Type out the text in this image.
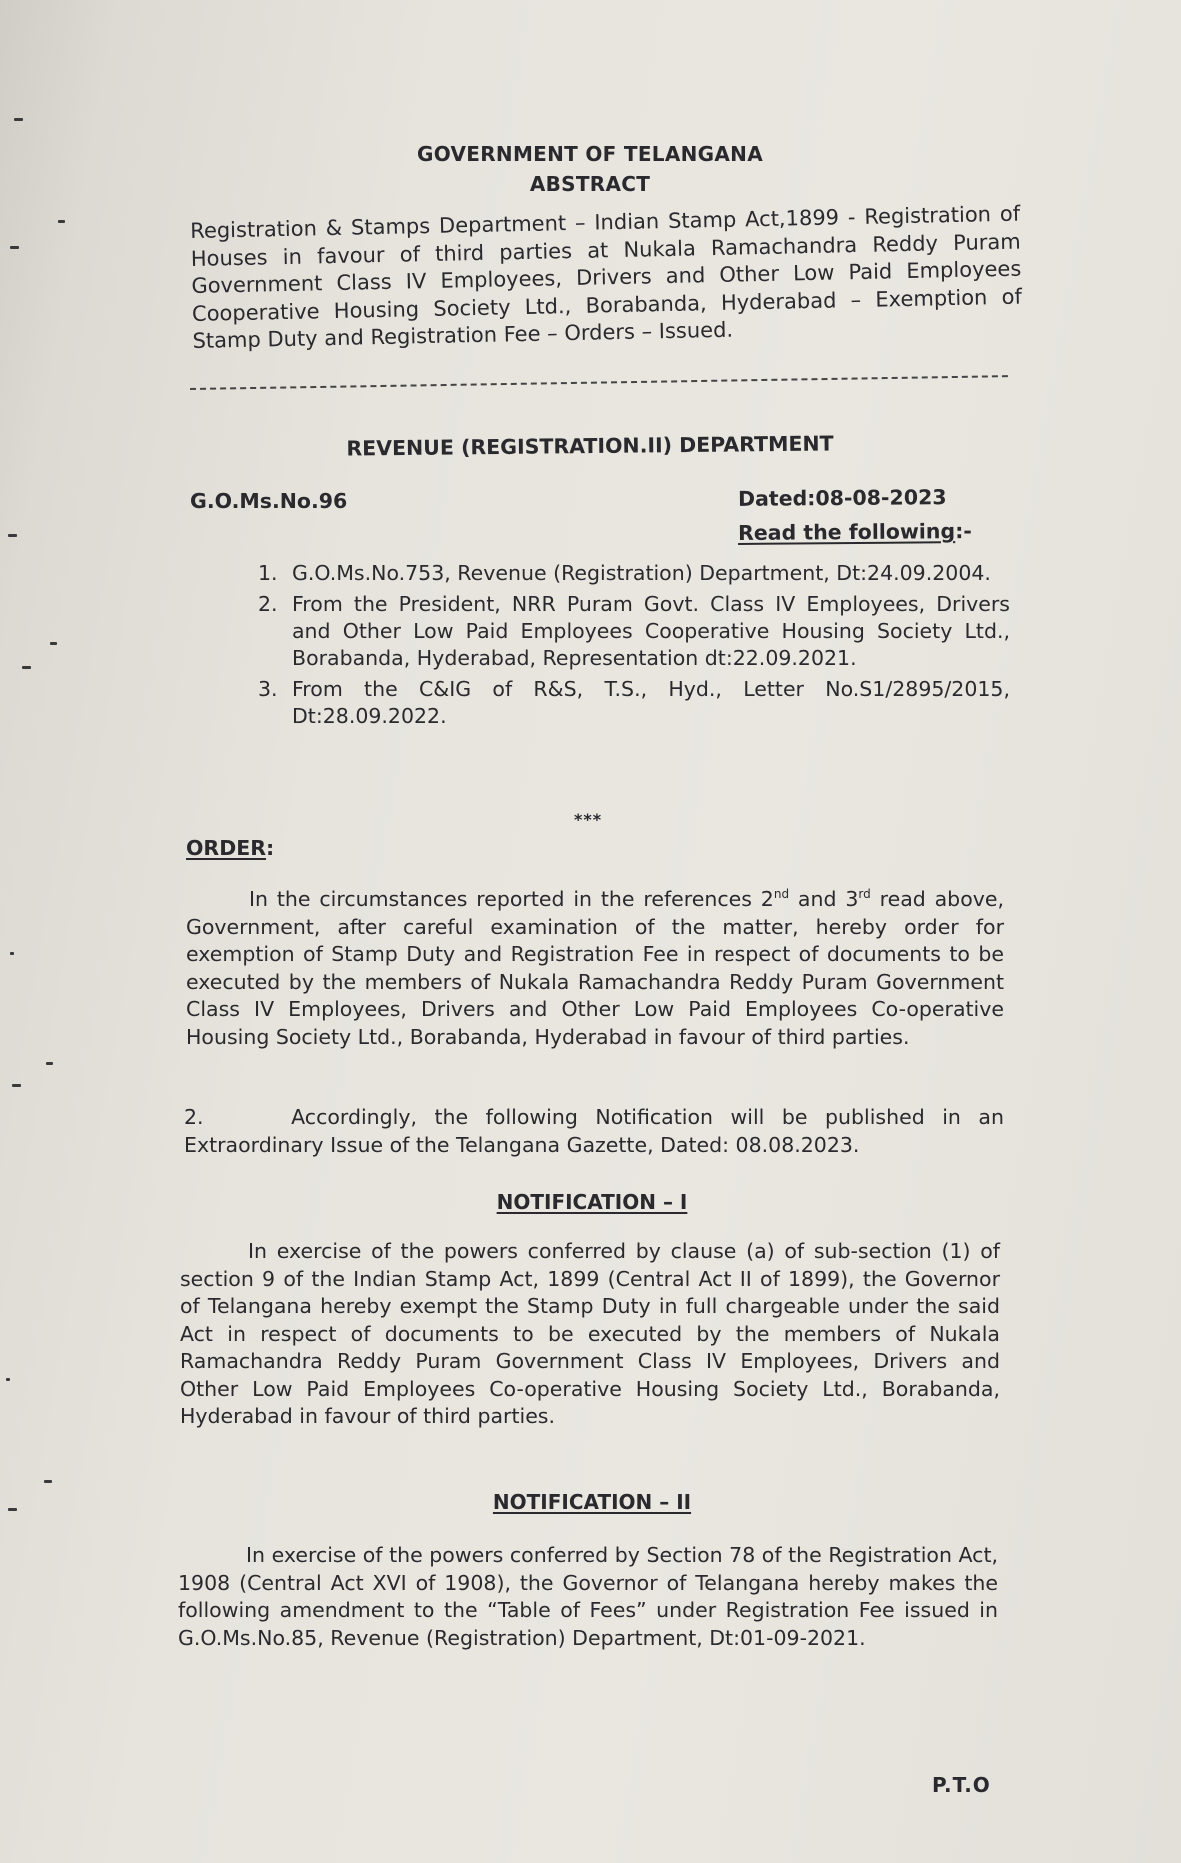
GOVERNMENT OF TELANGANA
ABSTRACT
Registration & Stamps Department – Indian Stamp Act,1899 - Registration of Houses in favour of third parties at Nukala Ramachandra Reddy Puram Government Class IV Employees, Drivers and Other Low Paid Employees Cooperative Housing Society Ltd., Borabanda, Hyderabad – Exemption of Stamp Duty and Registration Fee – Orders – Issued.
REVENUE (REGISTRATION.II) DEPARTMENT
G.O.Ms.No.96	Dated:08-08-2023
Read the following:-
1. G.O.Ms.No.753, Revenue (Registration) Department, Dt:24.09.2004.
2. From the President, NRR Puram Govt. Class IV Employees, Drivers and Other Low Paid Employees Cooperative Housing Society Ltd., Borabanda, Hyderabad, Representation dt:22.09.2021.
3. From the C&IG of R&S, T.S., Hyd., Letter No.S1/2895/2015, Dt:28.09.2022.
***
ORDER:
In the circumstances reported in the references 2nd and 3rd read above, Government, after careful examination of the matter, hereby order for exemption of Stamp Duty and Registration Fee in respect of documents to be executed by the members of Nukala Ramachandra Reddy Puram Government Class IV Employees, Drivers and Other Low Paid Employees Co-operative Housing Society Ltd., Borabanda, Hyderabad in favour of third parties.
2.     Accordingly, the following Notification will be published in an Extraordinary Issue of the Telangana Gazette, Dated: 08.08.2023.
NOTIFICATION – I
In exercise of the powers conferred by clause (a) of sub-section (1) of section 9 of the Indian Stamp Act, 1899 (Central Act II of 1899), the Governor of Telangana hereby exempt the Stamp Duty in full chargeable under the said Act in respect of documents to be executed by the members of Nukala Ramachandra Reddy Puram Government Class IV Employees, Drivers and Other Low Paid Employees Co-operative Housing Society Ltd., Borabanda, Hyderabad in favour of third parties.
NOTIFICATION – II
In exercise of the powers conferred by Section 78 of the Registration Act, 1908 (Central Act XVI of 1908), the Governor of Telangana hereby makes the following amendment to the “Table of Fees” under Registration Fee issued in G.O.Ms.No.85, Revenue (Registration) Department, Dt:01-09-2021.
P.T.O
